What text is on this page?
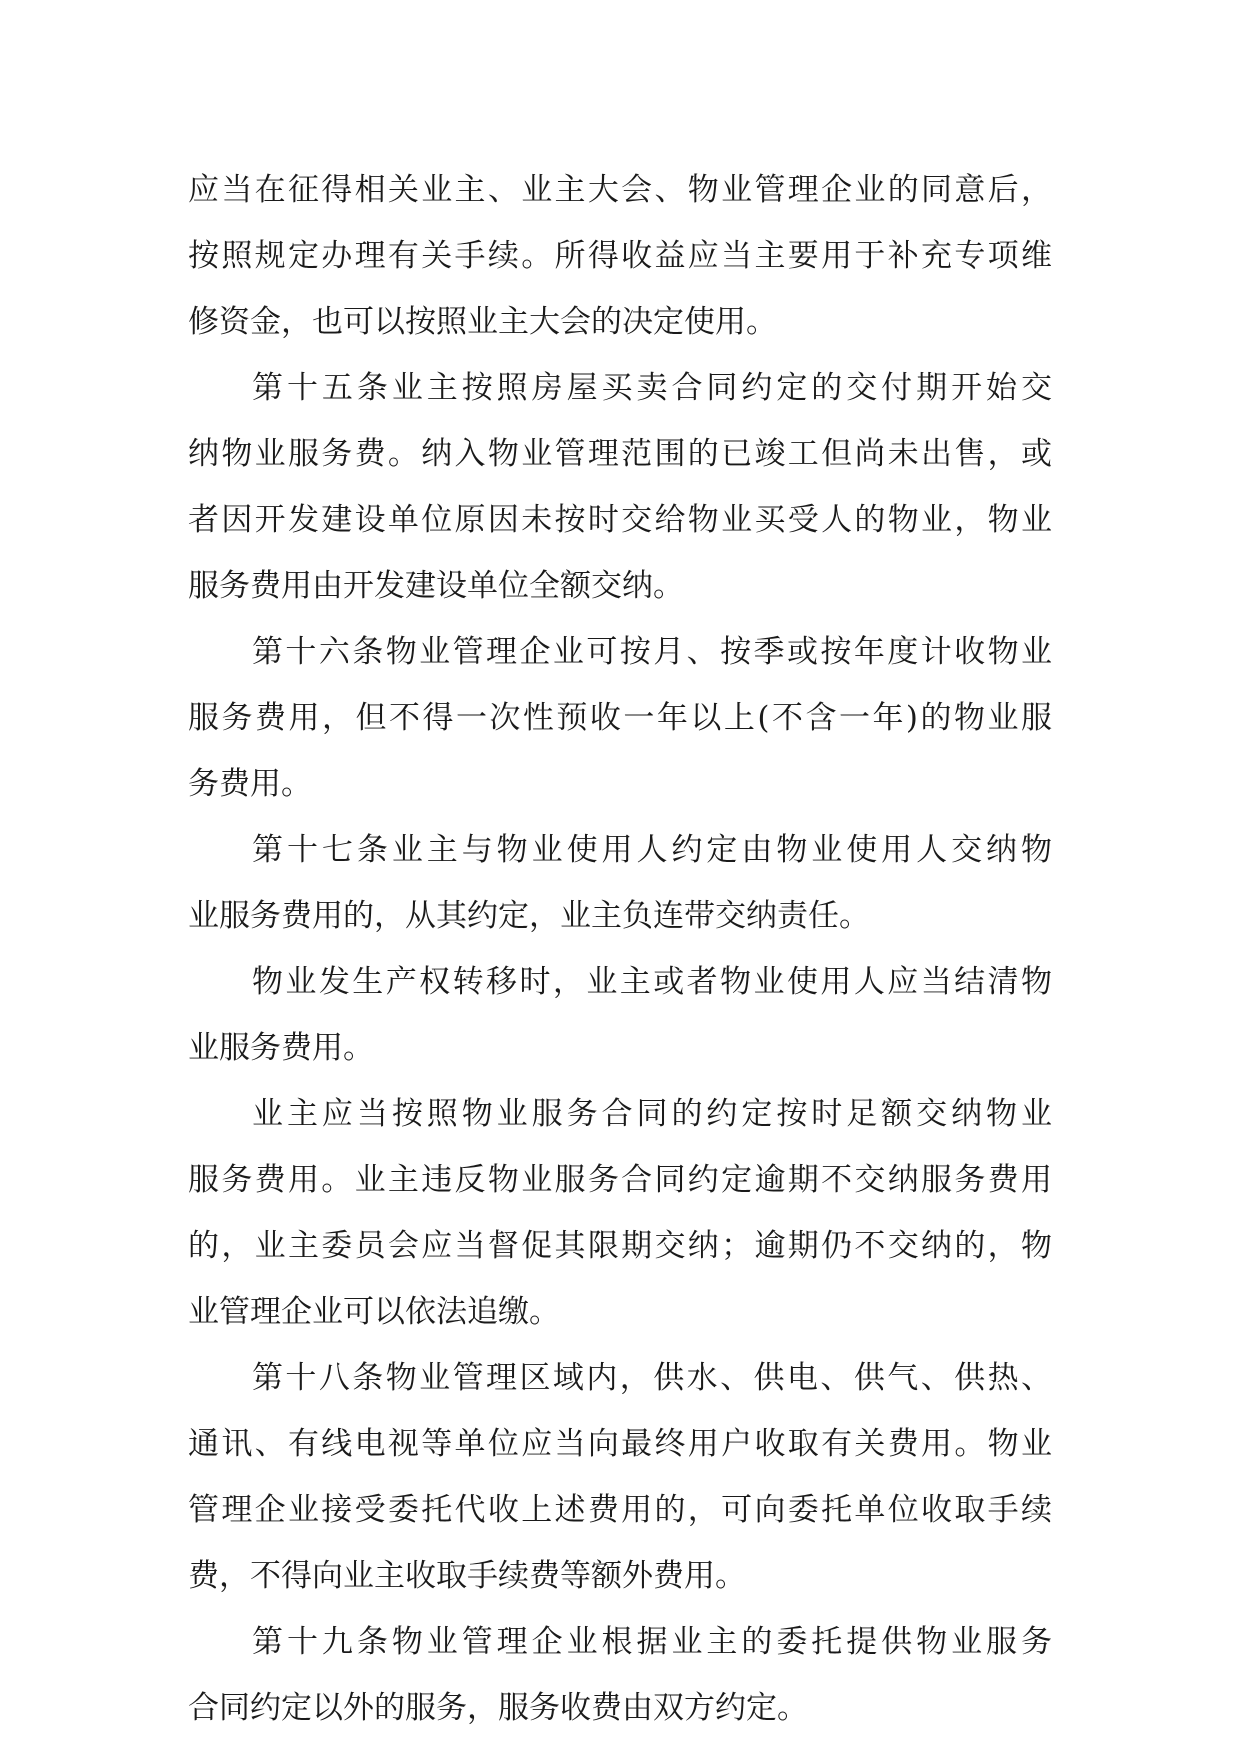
应当在征得相关业主、业主大会、物业管理企业的同意后，
按照规定办理有关手续。所得收益应当主要用于补充专项维
修资金，也可以按照业主大会的决定使用。
第十五条业主按照房屋买卖合同约定的交付期开始交
纳物业服务费。纳入物业管理范围的已竣工但尚未出售，或
者因开发建设单位原因未按时交给物业买受人的物业，物业
服务费用由开发建设单位全额交纳。
第十六条物业管理企业可按月、按季或按年度计收物业
服务费用，但不得一次性预收一年以上(不含一年)的物业服
务费用。
第十七条业主与物业使用人约定由物业使用人交纳物
业服务费用的，从其约定，业主负连带交纳责任。
物业发生产权转移时，业主或者物业使用人应当结清物
业服务费用。
业主应当按照物业服务合同的约定按时足额交纳物业
服务费用。业主违反物业服务合同约定逾期不交纳服务费用
的，业主委员会应当督促其限期交纳；逾期仍不交纳的，物
业管理企业可以依法追缴。
第十八条物业管理区域内，供水、供电、供气、供热、
通讯、有线电视等单位应当向最终用户收取有关费用。物业
管理企业接受委托代收上述费用的，可向委托单位收取手续
费，不得向业主收取手续费等额外费用。
第十九条物业管理企业根据业主的委托提供物业服务
合同约定以外的服务，服务收费由双方约定。
